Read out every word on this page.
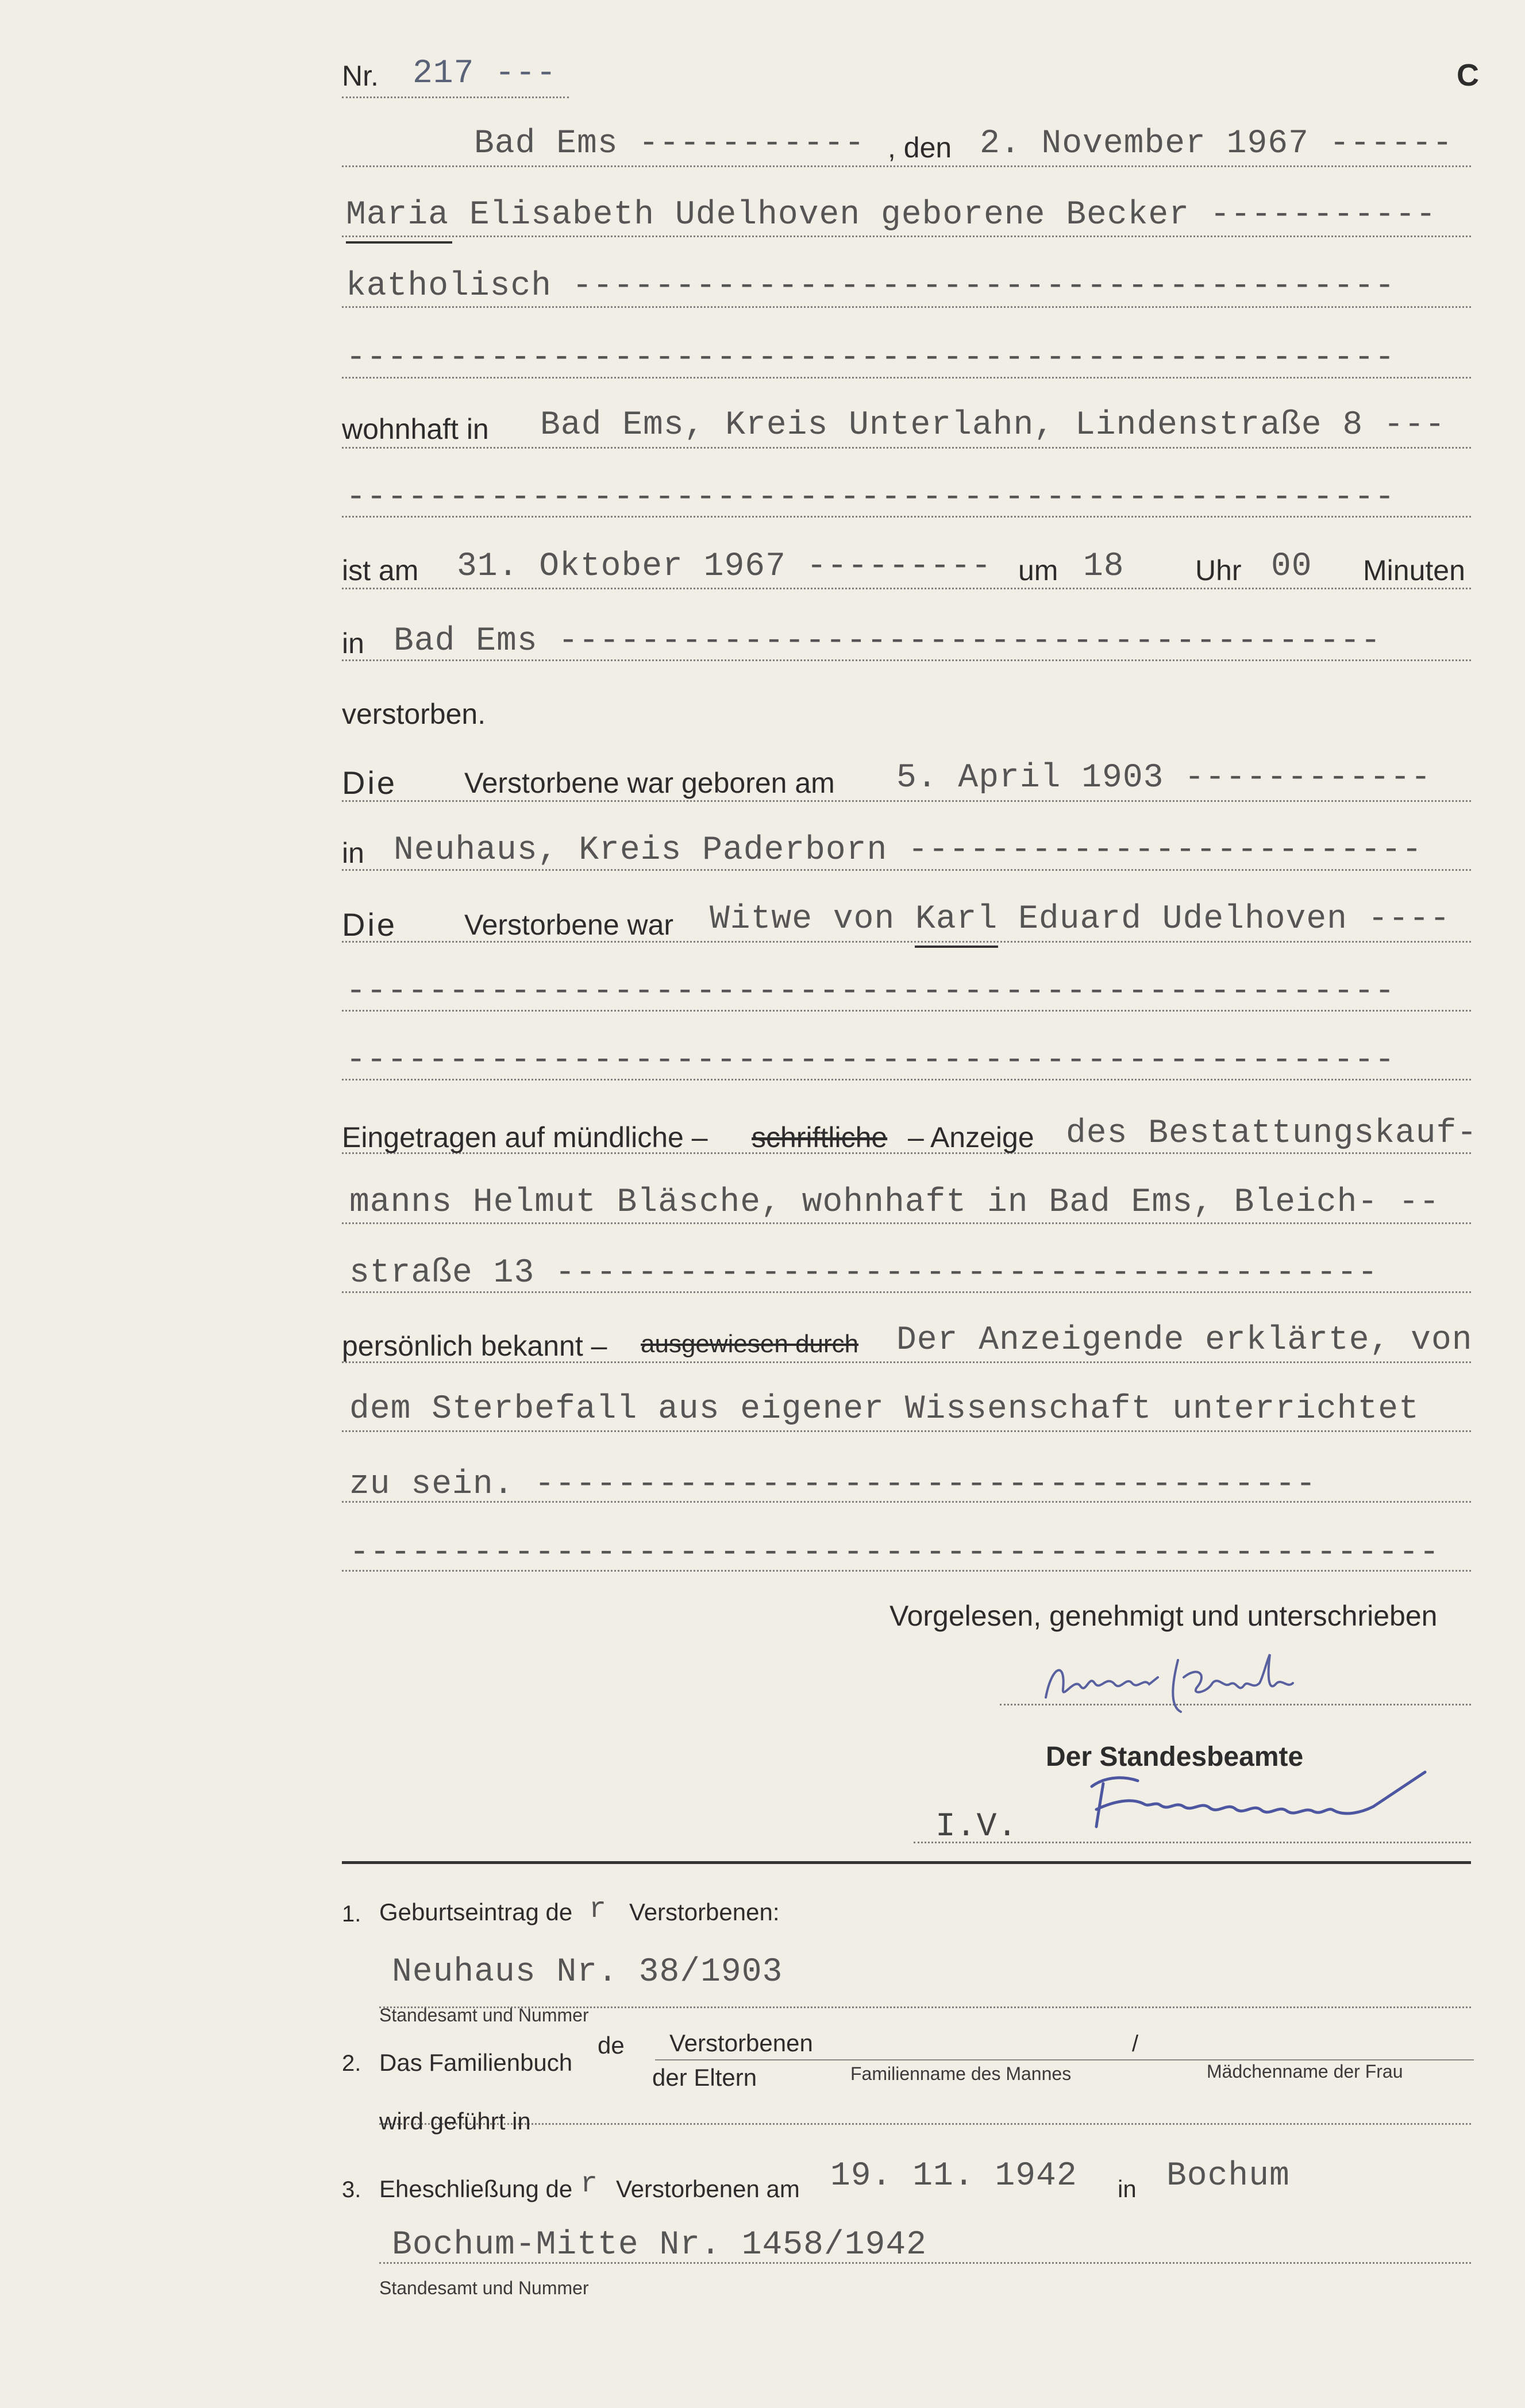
Nr. 217 ---	C
Bad Ems ----------- , den 2. November 1967 ------
Maria Elisabeth Udelhoven geborene Becker -----------
katholisch ----------------------------------------
---------------------------------------------------
wohnhaft in Bad Ems, Kreis Unterlahn, Lindenstraße 8 ---
---------------------------------------------------
ist am 31. Oktober 1967 --------- um 18 Uhr 00 Minuten
in Bad Ems ----------------------------------------
verstorben.
Die Verstorbene war geboren am 5. April 1903 ------------
in Neuhaus, Kreis Paderborn -------------------------
Die Verstorbene war Witwe von Karl Eduard Udelhoven ----
---------------------------------------------------
---------------------------------------------------
Eingetragen auf mündliche – schriftliche – Anzeige des Bestattungskauf-
manns Helmut Bläsche, wohnhaft in Bad Ems, Bleich- --
straße 13 ----------------------------------------
persönlich bekannt – ausgewiesen durch Der Anzeigende erklärte, von
dem Sterbefall aus eigener Wissenschaft unterrichtet
zu sein. --------------------------------------
-----------------------------------------------------
Vorgelesen, genehmigt und unterschrieben
Der Standesbeamte
I.V.
1. Geburtseintrag de r Verstorbenen:
Neuhaus Nr. 38/1903
Standesamt und Nummer
2. Das Familienbuch
de Verstorbenen
der Eltern	Familienname des Mannes
/
Mädchenname der Frau
wird geführt in
3. Eheschließung de r Verstorbenen am 19. 11. 1942 in Bochum
Bochum-Mitte Nr. 1458/1942
Standesamt und Nummer
